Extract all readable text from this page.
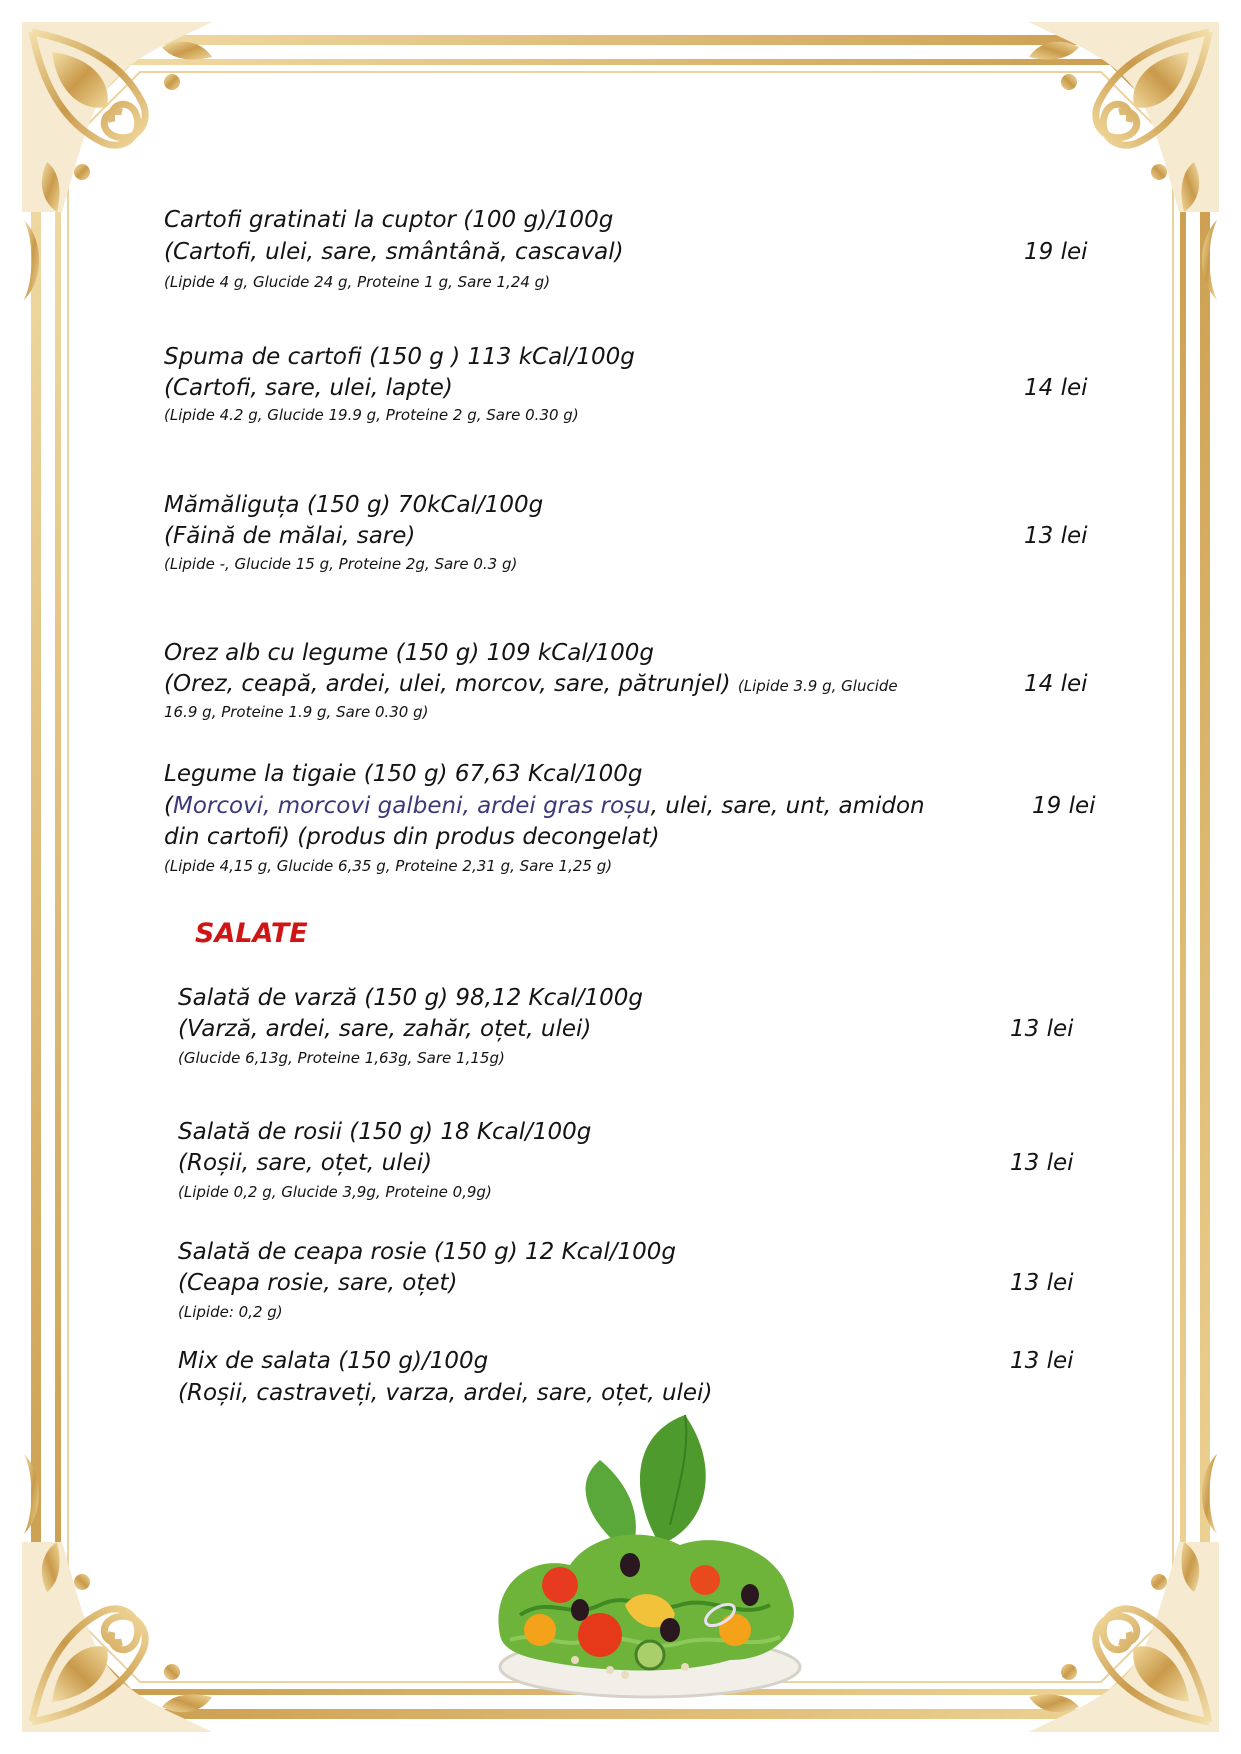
Cartofi gratinati la cuptor (100 g)/100g
(Cartofi, ulei, sare, smântână, cascaval)	19 lei
(Lipide 4 g, Glucide 24 g, Proteine 1 g, Sare 1,24 g)
Spuma de cartofi (150 g ) 113 kCal/100g
(Cartofi, sare, ulei, lapte)	14 lei
(Lipide 4.2 g, Glucide 19.9 g, Proteine 2 g, Sare 0.30 g)
Mămăliguța (150 g) 70kCal/100g
(Făină de mălai, sare)	13 lei
(Lipide -, Glucide 15 g, Proteine 2g, Sare 0.3 g)
Orez alb cu legume (150 g) 109 kCal/100g
(Orez, ceapă, ardei, ulei, morcov, sare, pătrunjel) (Lipide 3.9 g, Glucide	14 lei
16.9 g, Proteine 1.9 g, Sare 0.30 g)
Legume la tigaie (150 g) 67,63 Kcal/100g
(Morcovi, morcovi galbeni, ardei gras roșu, ulei, sare, unt, amidon	19 lei
din cartofi) (produs din produs decongelat)
(Lipide 4,15 g, Glucide 6,35 g, Proteine 2,31 g, Sare 1,25 g)
SALATE
Salată de varză (150 g) 98,12 Kcal/100g
(Varză, ardei, sare, zahăr, oțet, ulei)	13 lei
(Glucide 6,13g, Proteine 1,63g, Sare 1,15g)
Salată de rosii (150 g) 18 Kcal/100g
(Roșii, sare, oțet, ulei)	13 lei
(Lipide 0,2 g, Glucide 3,9g, Proteine 0,9g)
Salată de ceapa rosie (150 g) 12 Kcal/100g
(Ceapa rosie, sare, oțet)	13 lei
(Lipide: 0,2 g)
Mix de salata (150 g)/100g	13 lei
(Roșii, castraveți, varza, ardei, sare, oțet, ulei)
